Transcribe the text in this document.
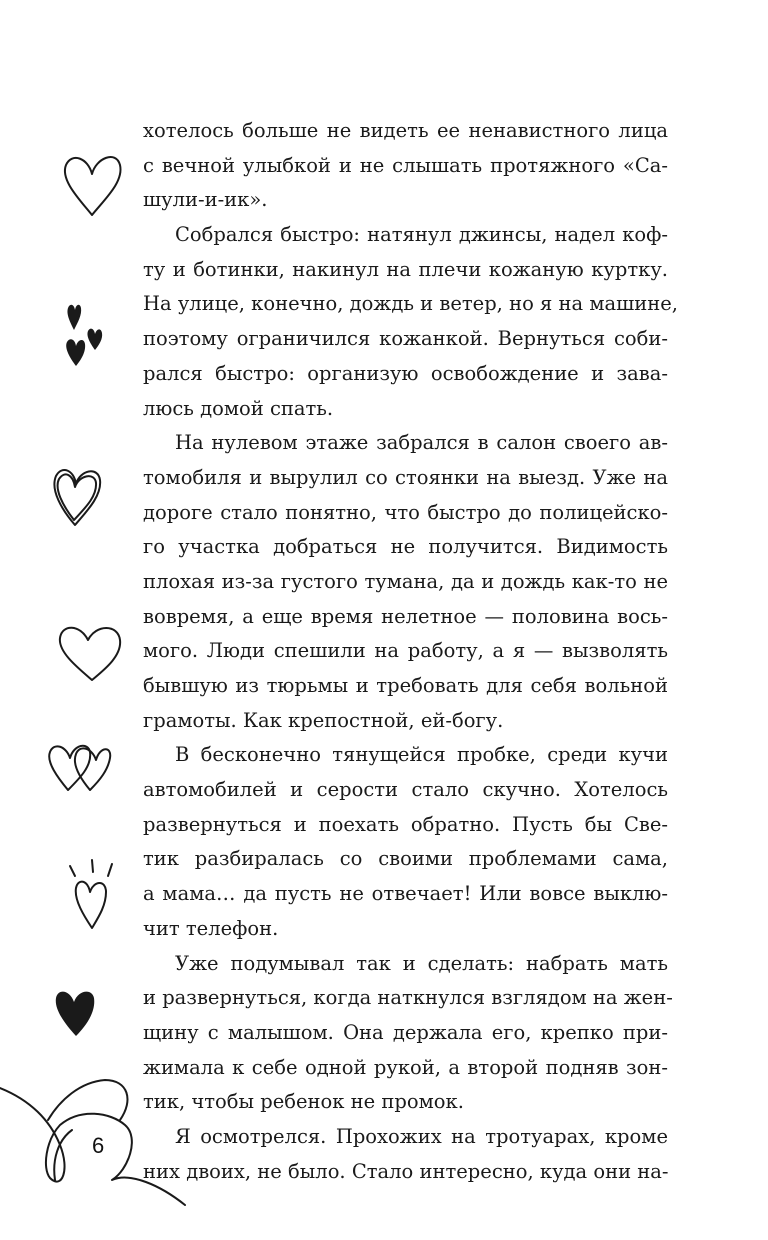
6
хотелось больше не видеть ее ненавистного лица
с вечной улыбкой и не слышать протяжного «Са-
шули-и-ик».
Собрался быстро: натянул джинсы, надел коф-
ту и ботинки, накинул на плечи кожаную куртку.
На улице, конечно, дождь и ветер, но я на машине,
поэтому ограничился кожанкой. Вернуться соби-
рался быстро: организую освобождение и зава-
люсь домой спать.
На нулевом этаже забрался в салон своего ав-
томобиля и вырулил со стоянки на выезд. Уже на
дороге стало понятно, что быстро до полицейско-
го участка добраться не получится. Видимость
плохая из-за густого тумана, да и дождь как-то не
вовремя, а еще время нелетное — половина вось-
мого. Люди спешили на работу, а я — вызволять
бывшую из тюрьмы и требовать для себя вольной
грамоты. Как крепостной, ей-богу.
В бесконечно тянущейся пробке, среди кучи
автомобилей и серости стало скучно. Хотелось
развернуться и поехать обратно. Пусть бы Све-
тик разбиралась со своими проблемами сама,
а мама… да пусть не отвечает! Или вовсе выклю-
чит телефон.
Уже подумывал так и сделать: набрать мать
и развернуться, когда наткнулся взглядом на жен-
щину с малышом. Она держала его, крепко при-
жимала к себе одной рукой, а второй подняв зон-
тик, чтобы ребенок не промок.
Я осмотрелся. Прохожих на тротуарах, кроме
них двоих, не было. Стало интересно, куда они на-
